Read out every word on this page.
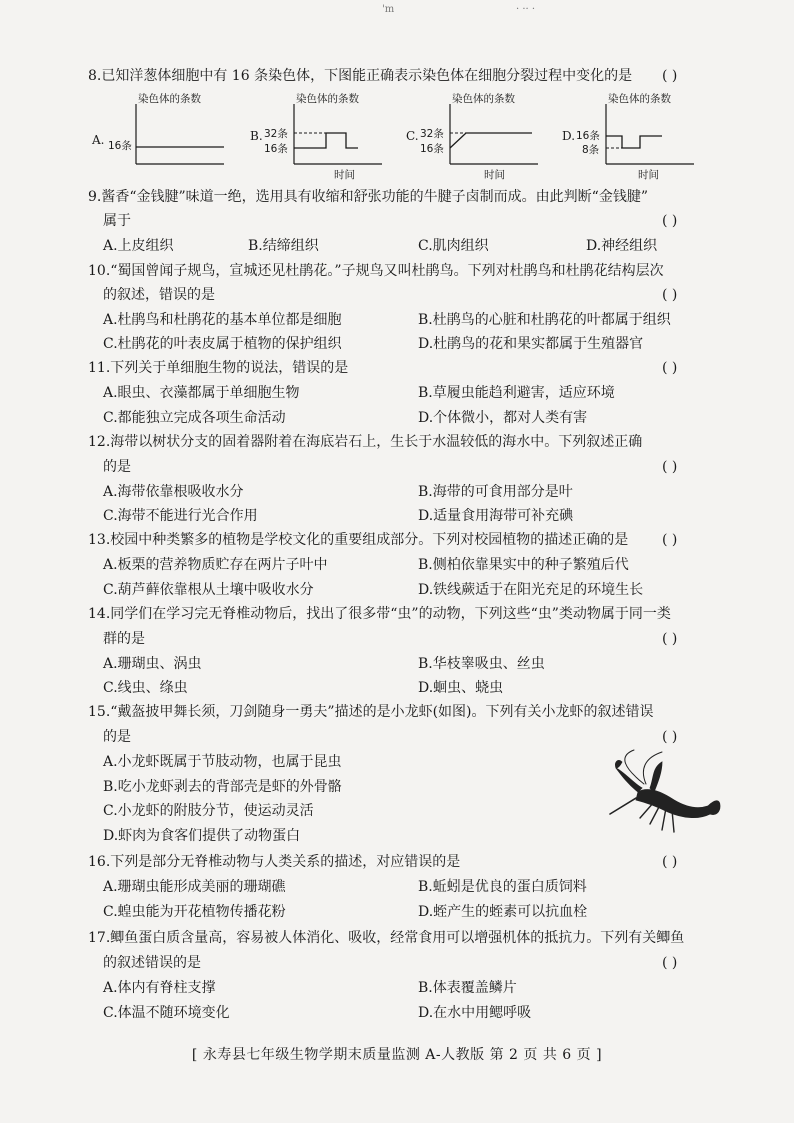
'm	· ·· ·
8.已知洋葱体细胞中有 16 条染色体，下图能正确表示染色体在细胞分裂过程中变化的是 ( )
A.
染色体的条数
16条
B.
染色体的条数
32条
16条
时间
C.
染色体的条数
32条
16条
时间
D.
染色体的条数
16条
8条
时间
9.酱香“金钱腱”味道一绝，选用具有收缩和舒张功能的牛腱子卤制而成。由此判断“金钱腱”
属于	( )
A.上皮组织	B.结缔组织	C.肌肉组织	D.神经组织
10.“蜀国曾闻子规鸟，宣城还见杜鹃花。”子规鸟又叫杜鹃鸟。下列对杜鹃鸟和杜鹃花结构层次
的叙述，错误的是	( )
A.杜鹃鸟和杜鹃花的基本单位都是细胞	B.杜鹃鸟的心脏和杜鹃花的叶都属于组织
C.杜鹃花的叶表皮属于植物的保护组织	D.杜鹃鸟的花和果实都属于生殖器官
11.下列关于单细胞生物的说法，错误的是	( )
A.眼虫、衣藻都属于单细胞生物	B.草履虫能趋利避害，适应环境
C.都能独立完成各项生命活动	D.个体微小，都对人类有害
12.海带以树状分支的固着器附着在海底岩石上，生长于水温较低的海水中。下列叙述正确
的是	( )
A.海带依靠根吸收水分	B.海带的可食用部分是叶
C.海带不能进行光合作用	D.适量食用海带可补充碘
13.校园中种类繁多的植物是学校文化的重要组成部分。下列对校园植物的描述正确的是 ( )
A.板栗的营养物质贮存在两片子叶中	B.侧柏依靠果实中的种子繁殖后代
C.葫芦藓依靠根从土壤中吸收水分	D.铁线蕨适于在阳光充足的环境生长
14.同学们在学习完无脊椎动物后，找出了很多带“虫”的动物，下列这些“虫”类动物属于同一类
群的是	( )
A.珊瑚虫、涡虫	B.华枝睾吸虫、丝虫
C.线虫、绦虫	D.蛔虫、蛲虫
15.“戴盔披甲舞长须，刀剑随身一勇夫”描述的是小龙虾(如图)。下列有关小龙虾的叙述错误
的是	( )
A.小龙虾既属于节肢动物，也属于昆虫
B.吃小龙虾剥去的背部壳是虾的外骨骼
C.小龙虾的附肢分节，使运动灵活
D.虾肉为食客们提供了动物蛋白
16.下列是部分无脊椎动物与人类关系的描述，对应错误的是	( )
A.珊瑚虫能形成美丽的珊瑚礁	B.蚯蚓是优良的蛋白质饲料
C.蝗虫能为开花植物传播花粉	D.蛭产生的蛭素可以抗血栓
17.鲫鱼蛋白质含量高，容易被人体消化、吸收，经常食用可以增强机体的抵抗力。下列有关鲫鱼
的叙述错误的是	( )
A.体内有脊柱支撑	B.体表覆盖鳞片
C.体温不随环境变化	D.在水中用鳃呼吸
[ 永寿县七年级生物学期末质量监测 A-人教版 第 2 页 共 6 页 ]
